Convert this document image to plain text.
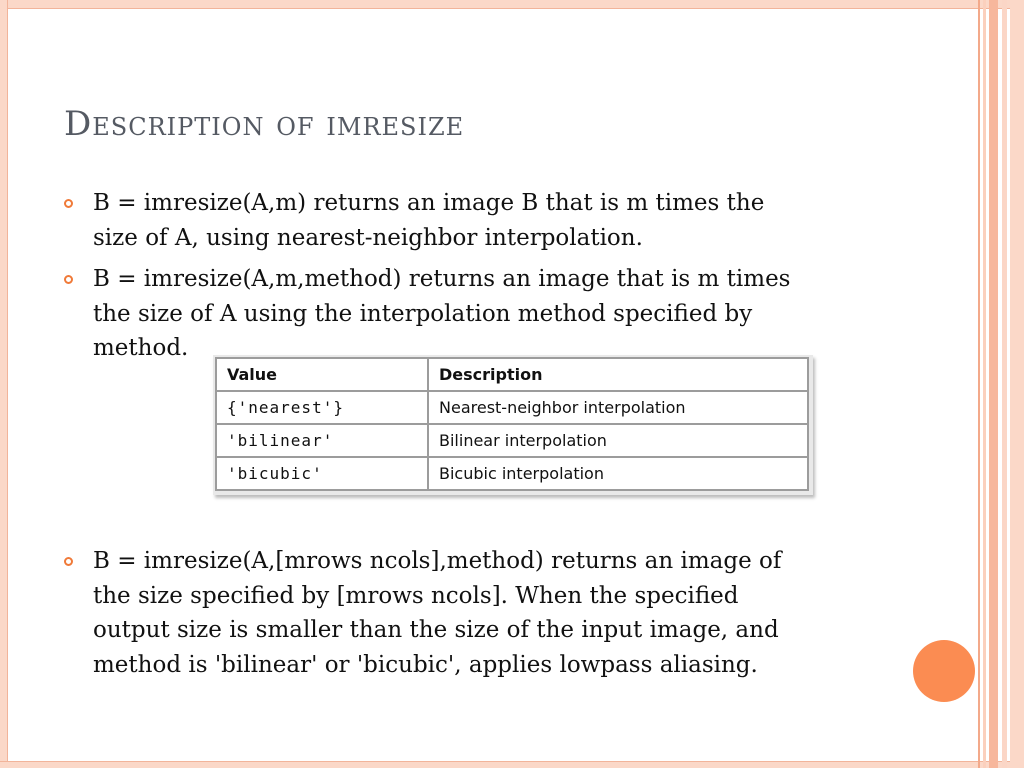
Description of imresize
B = imresize(A,m) returns an image B that is m times the
size of A, using nearest-neighbor interpolation.
B = imresize(A,m,method) returns an image that is m times
the size of A using the interpolation method specified by
method.
Value	Description
{'nearest'}	Nearest-neighbor interpolation
'bilinear'	Bilinear interpolation
'bicubic'	Bicubic interpolation
B = imresize(A,[mrows ncols],method) returns an image of
the size specified by [mrows ncols]. When the specified
output size is smaller than the size of the input image, and
method is 'bilinear' or 'bicubic', applies lowpass aliasing.
